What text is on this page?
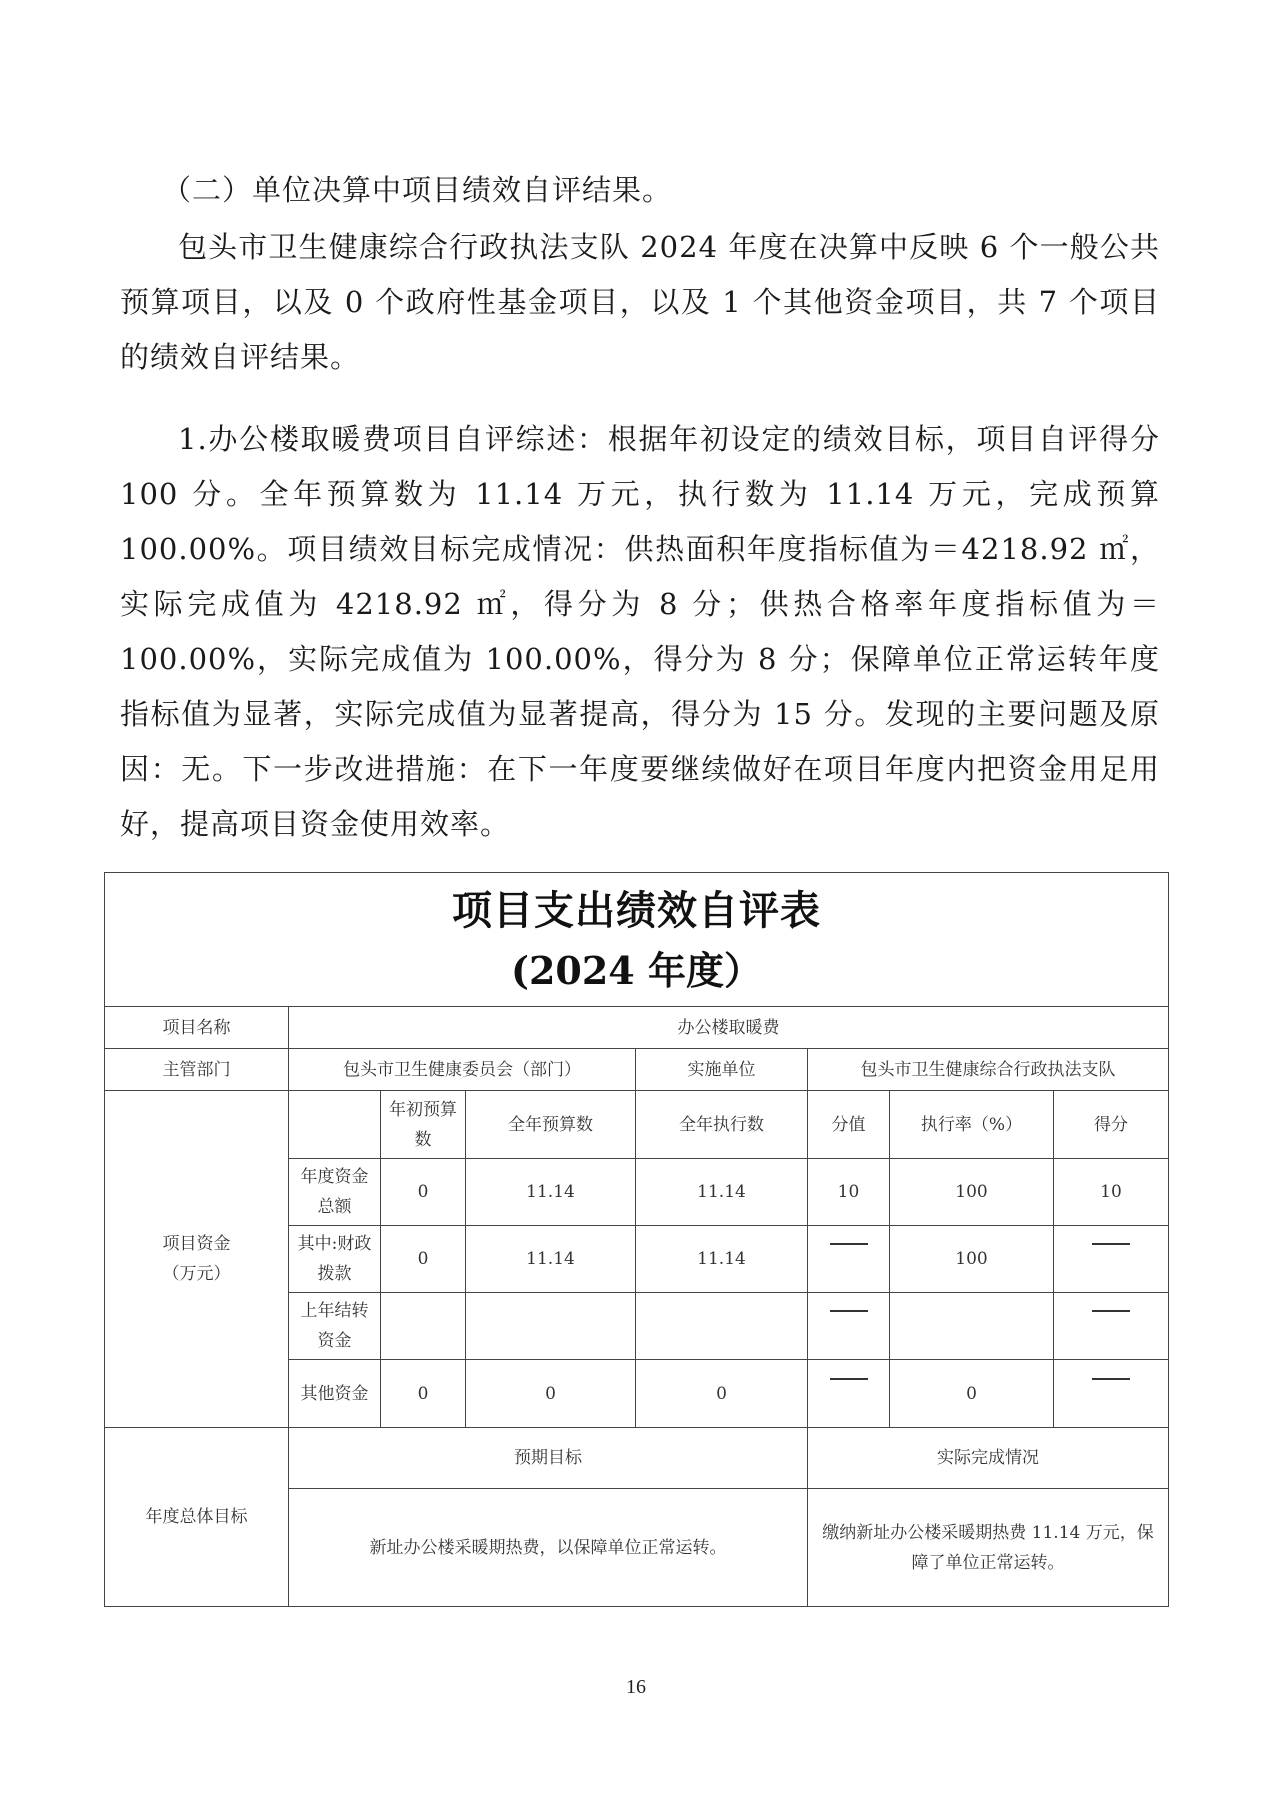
（二）单位决算中项目绩效自评结果。
包头市卫生健康综合行政执法支队 2024 年度在决算中反映 6 个一般公共预算项目，以及 0 个政府性基金项目，以及 1 个其他资金项目，共 7 个项目的绩效自评结果。
1.办公楼取暖费项目自评综述：根据年初设定的绩效目标，项目自评得分 100 分。全年预算数为 11.14 万元，执行数为 11.14 万元，完成预算 100.00%。项目绩效目标完成情况：供热面积年度指标值为＝4218.92 ㎡，实际完成值为 4218.92 ㎡，得分为 8 分；供热合格率年度指标值为＝100.00%，实际完成值为 100.00%，得分为 8 分；保障单位正常运转年度指标值为显著，实际完成值为显著提高，得分为 15 分。发现的主要问题及原因：无。下一步改进措施：在下一年度要继续做好在项目年度内把资金用足用好，提高项目资金使用效率。
项目支出绩效自评表
(2024 年度）							

项目名称	办公楼取暖费						
主管部门	包头市卫生健康委员会（部门）			实施单位	包头市卫生健康综合行政执法支队		

项目资金
（万元）		年初预算数	全年预算数	全年执行数	分值	执行率（%）	得分
	年度资金总额	0	11.14	11.14	10	100	10
	其中:财政拨款	0	11.14	11.14		100	
	上年结转资金						
	其他资金	0	0	0		0	
年度总体目标	预期目标				实际完成情况		
	新址办公楼采暖期热费，以保障单位正常运转。				缴纳新址办公楼采暖期热费 11.14 万元，保障了单位正常运转。		
16
